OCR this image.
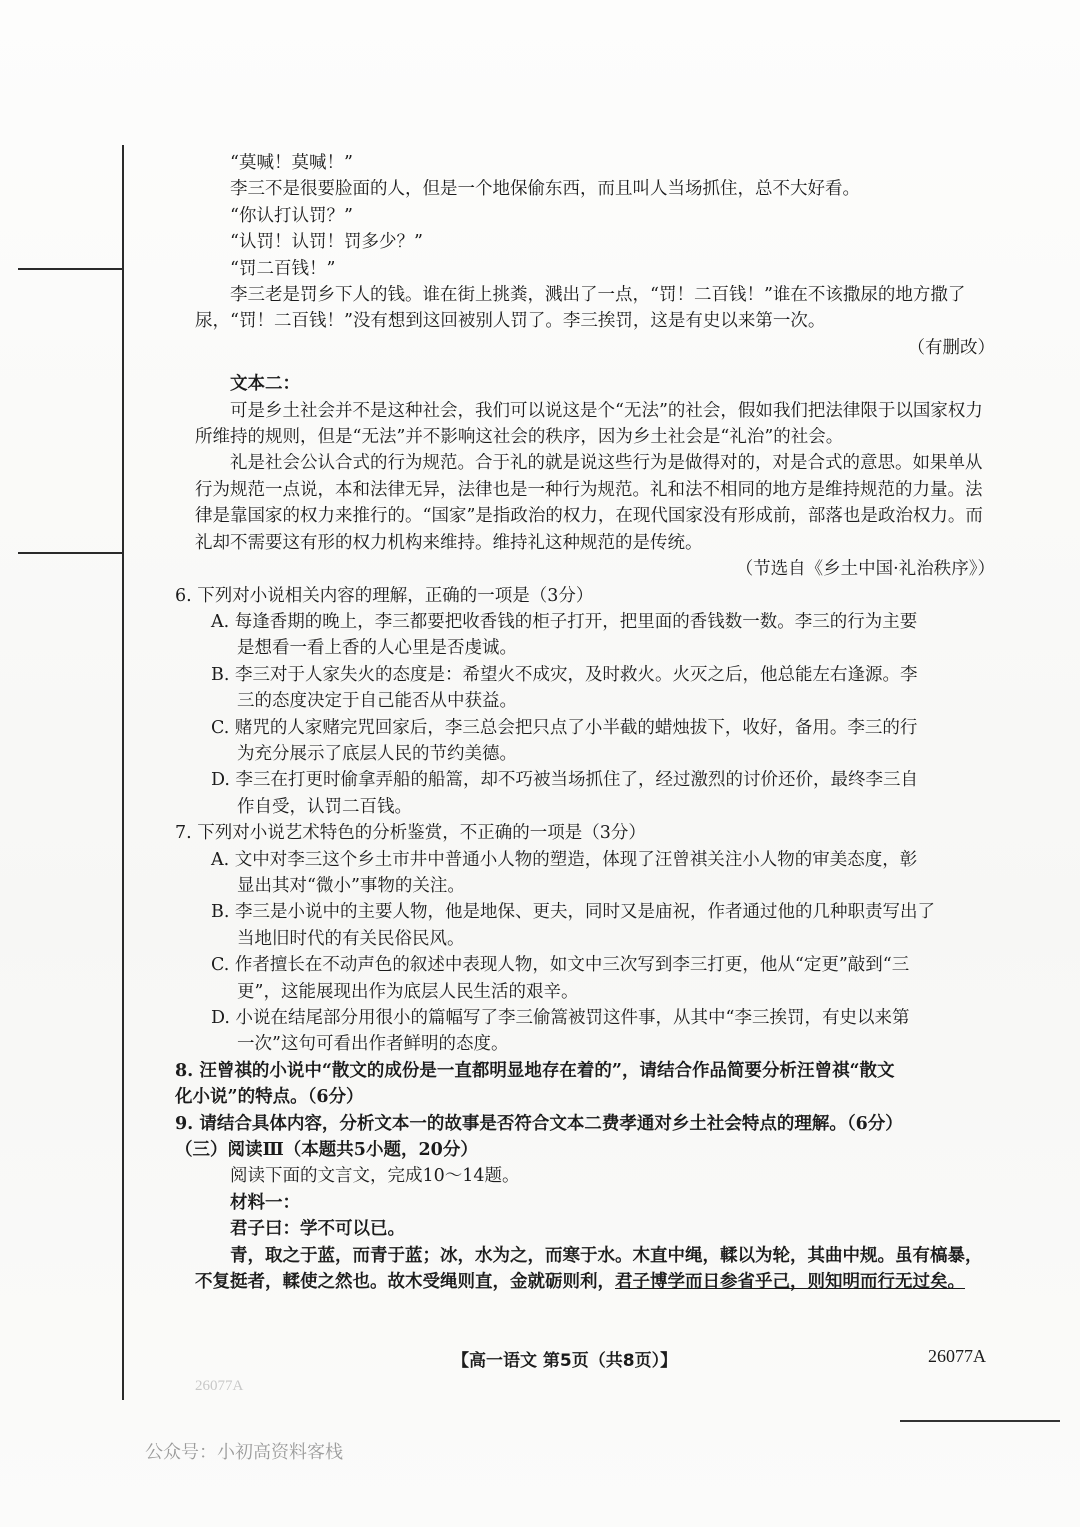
“莫喊！莫喊！”

李三不是很要脸面的人，但是一个地保偷东西，而且叫人当场抓住，总不大好看。

“你认打认罚？”

“认罚！认罚！罚多少？”

“罚二百钱！”

李三老是罚乡下人的钱。谁在街上挑粪，溅出了一点，“罚！二百钱！”谁在不该撒尿的地方撒了尿，“罚！二百钱！”没有想到这回被别人罚了。李三挨罚，这是有史以来第一次。

（有删改）

文本二：

可是乡土社会并不是这种社会，我们可以说这是个“无法”的社会，假如我们把法律限于以国家权力所维持的规则，但是“无法”并不影响这社会的秩序，因为乡土社会是“礼治”的社会。

礼是社会公认合式的行为规范。合于礼的就是说这些行为是做得对的，对是合式的意思。如果单从行为规范一点说，本和法律无异，法律也是一种行为规范。礼和法不相同的地方是维持规范的力量。法律是靠国家的权力来推行的。“国家”是指政治的权力，在现代国家没有形成前，部落也是政治权力。而礼却不需要这有形的权力机构来维持。维持礼这种规范的是传统。

（节选自《乡土中国·礼治秩序》）

6. 下列对小说相关内容的理解，正确的一项是（3分）

A. 每逢香期的晚上，李三都要把收香钱的柜子打开，把里面的香钱数一数。李三的行为主要
是想看一看上香的人心里是否虔诚。

B. 李三对于人家失火的态度是：希望火不成灾，及时救火。火灭之后，他总能左右逢源。李
三的态度决定于自己能否从中获益。

C. 赌咒的人家赌完咒回家后，李三总会把只点了小半截的蜡烛拔下，收好，备用。李三的行
为充分展示了底层人民的节约美德。

D. 李三在打更时偷拿弄船的船篙，却不巧被当场抓住了，经过激烈的讨价还价，最终李三自
作自受，认罚二百钱。

7. 下列对小说艺术特色的分析鉴赏，不正确的一项是（3分）

A. 文中对李三这个乡土市井中普通小人物的塑造，体现了汪曾祺关注小人物的审美态度，彰
显出其对“微小”事物的关注。

B. 李三是小说中的主要人物，他是地保、更夫，同时又是庙祝，作者通过他的几种职责写出了
当地旧时代的有关民俗民风。

C. 作者擅长在不动声色的叙述中表现人物，如文中三次写到李三打更，他从“定更”敲到“三
更”，这能展现出作为底层人民生活的艰辛。

D. 小说在结尾部分用很小的篇幅写了李三偷篙被罚这件事，从其中“李三挨罚，有史以来第
一次”这句可看出作者鲜明的态度。

8. 汪曾祺的小说中“散文的成份是一直都明显地存在着的”，请结合作品简要分析汪曾祺“散文
化小说”的特点。（6分）

9. 请结合具体内容，分析文本一的故事是否符合文本二费孝通对乡土社会特点的理解。（6分）

（三）阅读Ⅲ（本题共5小题，20分）

阅读下面的文言文，完成10～14题。

材料一：

君子曰：学不可以已。

青，取之于蓝，而青于蓝；冰，水为之，而寒于水。木直中绳，輮以为轮，其曲中规。虽有槁暴，不复挺者，輮使之然也。故木受绳则直，金就砺则利，君子博学而日参省乎己，则知明而行无过矣。

26077A
【高一语文 第5页（共8页）】	26077A
公众号：小初高资料客栈
